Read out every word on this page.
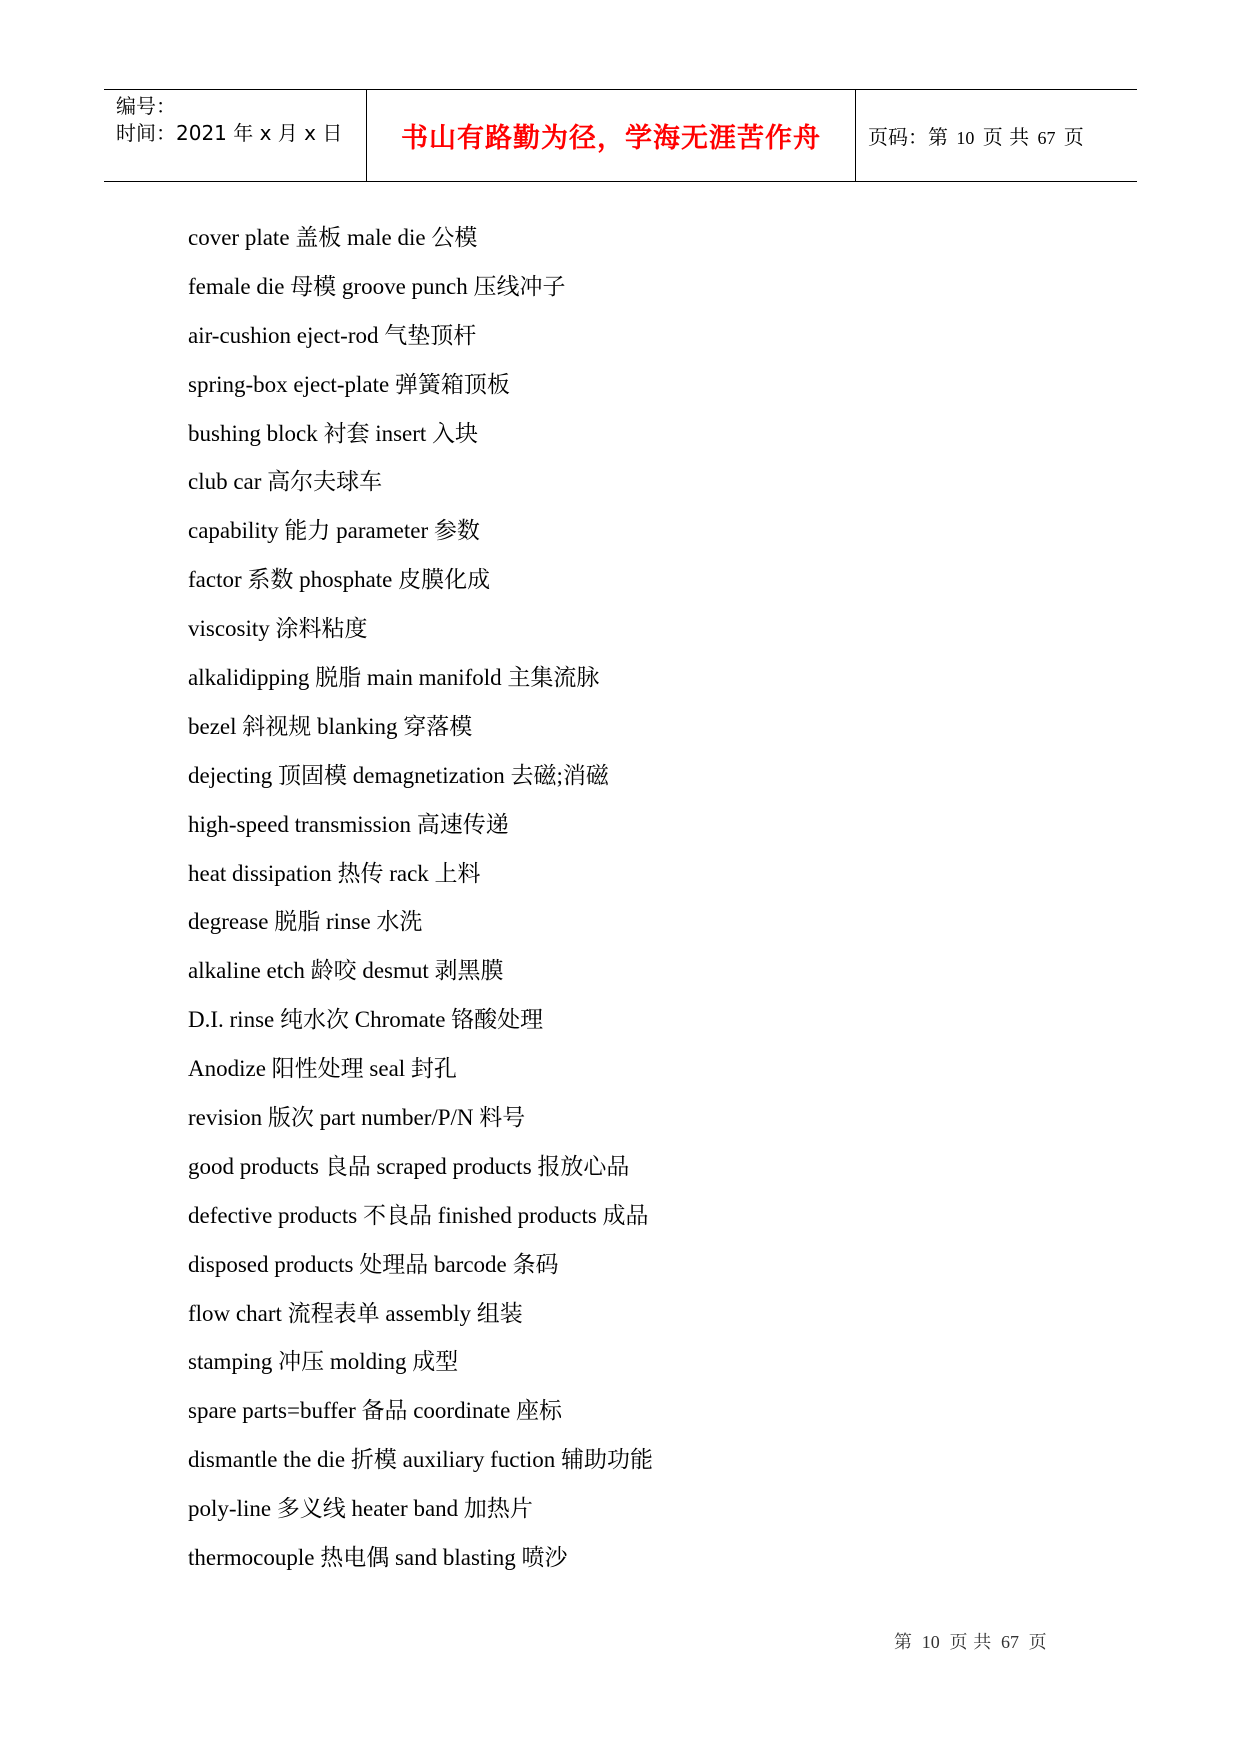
编号：
时间：2021 年 x 月 x 日 书山有路勤为径，学海无涯苦作舟 页码：第 10 页 共 67 页
cover plate 盖板 male die 公模
female die 母模 groove punch 压线冲子
air-cushion eject-rod 气垫顶杆
spring-box eject-plate 弹簧箱顶板
bushing block 衬套 insert 入块
club car 高尔夫球车
capability 能力 parameter 参数
factor 系数 phosphate 皮膜化成
viscosity 涂料粘度
alkalidipping 脱脂 main manifold 主集流脉
bezel 斜视规 blanking 穿落模
dejecting 顶固模 demagnetization 去磁;消磁
high-speed transmission 高速传递
heat dissipation 热传 rack 上料
degrease 脱脂 rinse 水洗
alkaline etch 龄咬 desmut 剥黑膜
D.I. rinse 纯水次 Chromate 铬酸处理
Anodize 阳性处理 seal 封孔
revision 版次 part number/P/N 料号
good products 良品 scraped products 报放心品
defective products 不良品 finished products 成品
disposed products 处理品 barcode 条码
flow chart 流程表单 assembly 组装
stamping 冲压 molding 成型
spare parts=buffer 备品 coordinate 座标
dismantle the die 折模 auxiliary fuction 辅助功能
poly-line 多义线 heater band 加热片
thermocouple 热电偶 sand blasting 喷沙
第 10 页 共 67 页
